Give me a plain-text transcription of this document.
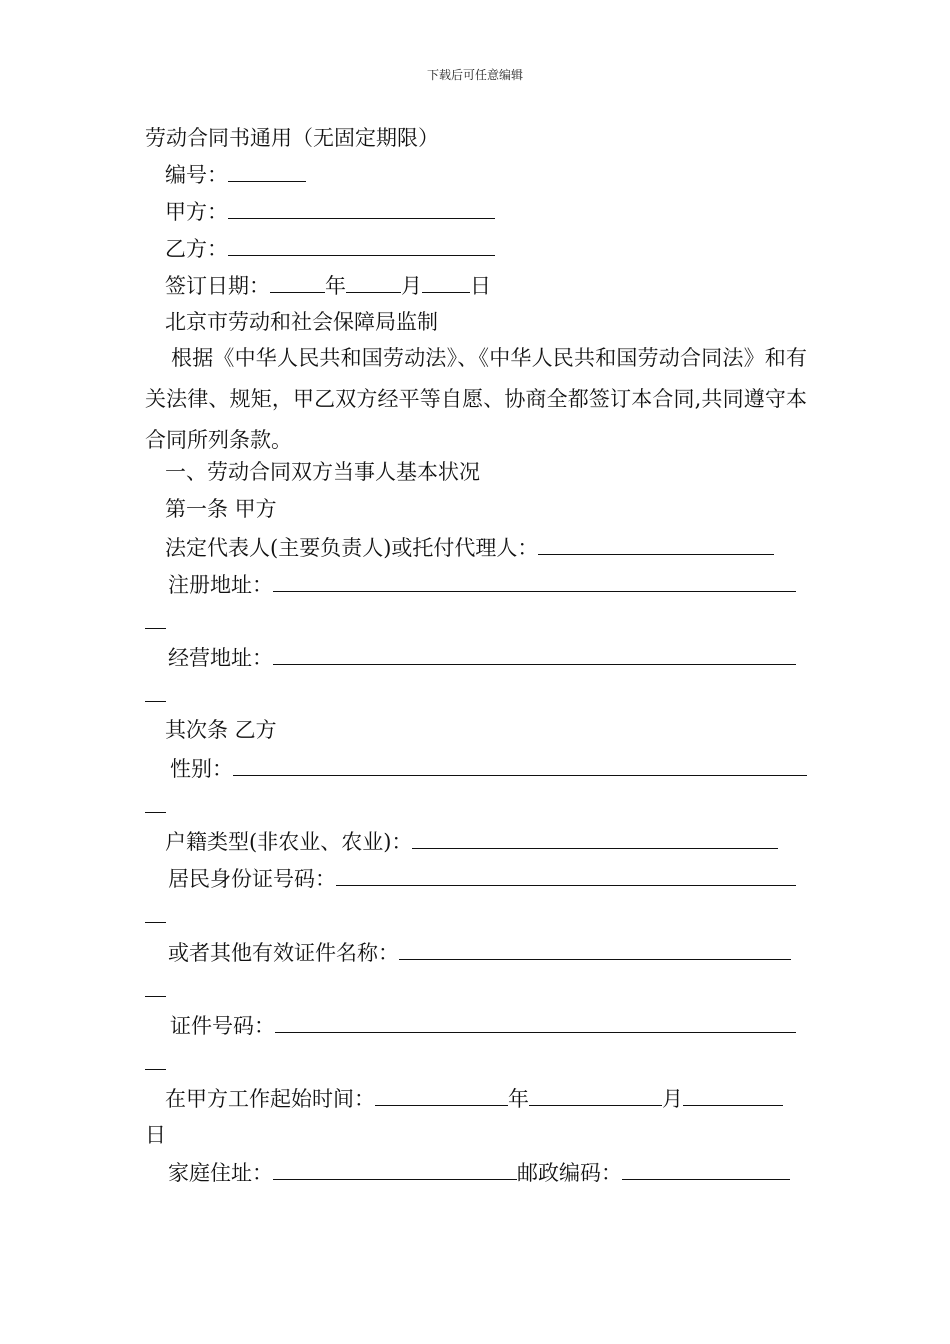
下载后可任意编辑
劳动合同书通用（无固定期限）
编号：
甲方：
乙方：
签订日期：	年	月 日
北京市劳动和社会保障局监制
根据《中华人民共和国劳动法》、《中华人民共和国劳动合同法》和有关法律、规矩，甲乙双方经平等自愿、协商全都签订本合同,共同遵守本合同所列条款。
一、劳动合同双方当事人基本状况
第一条 甲方
法定代表人(主要负责人)或托付代理人：
注册地址：
经营地址：
其次条 乙方
性别：
户籍类型(非农业、农业)：
居民身份证号码：
或者其他有效证件名称：
证件号码：
在甲方工作起始时间：	年	月
日
家庭住址：	邮政编码：
